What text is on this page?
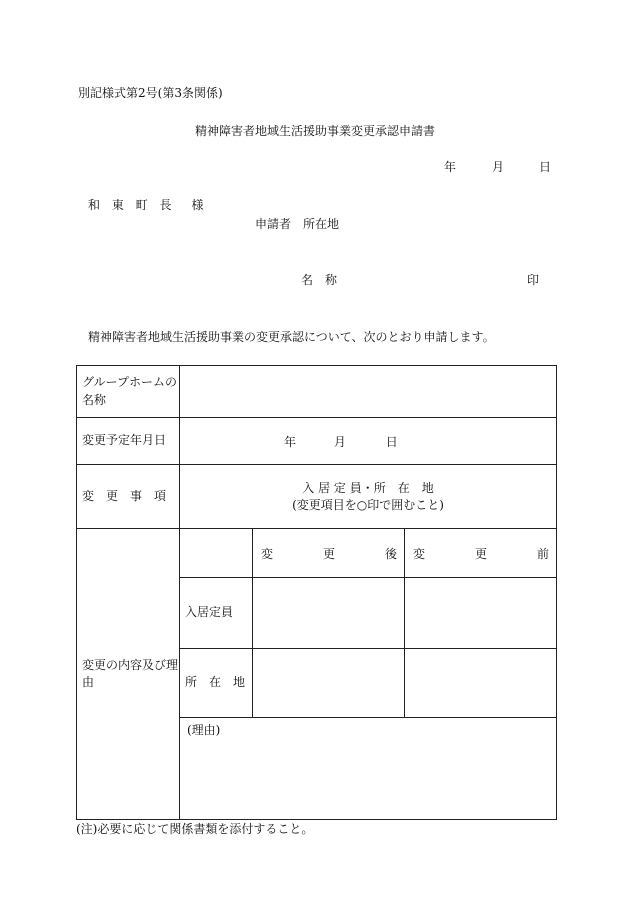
別記様式第2号(第3条関係)
精神障害者地域生活援助事業変更承認申請書
年	月	日
和 東 町 長　様
申請者　所在地
名　称	印
精神障害者地域生活援助事業の変更承認について、次のとおり申請します。
グループホームの名称			
変更予定年月日	年 月 日		
変　更　事　項	入 居 定 員・所　在　地
(変更項目を○印で囲むこと)		

変更の内容及び理由		変 更 後	変 更 前

	入居定員		
	所　在　地		
	(理由)		
(注)必要に応じて関係書類を添付すること。
